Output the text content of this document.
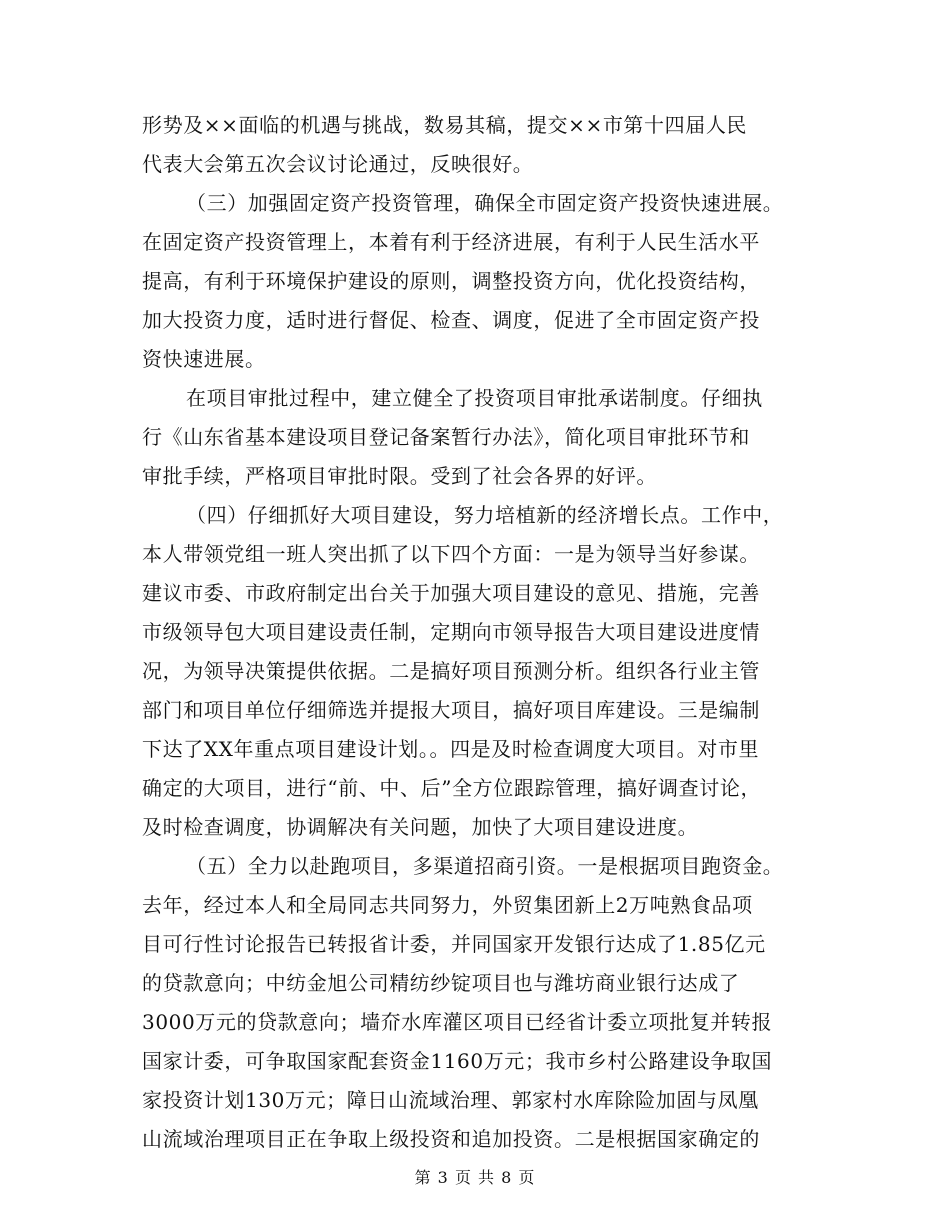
形势及××面临的机遇与挑战，数易其稿，提交××市第十四届人民
代表大会第五次会议讨论通过，反映很好。
（三）加强固定资产投资管理，确保全市固定资产投资快速进展。
在固定资产投资管理上，本着有利于经济进展，有利于人民生活水平
提高，有利于环境保护建设的原则，调整投资方向，优化投资结构，
加大投资力度，适时进行督促、检查、调度，促进了全市固定资产投
资快速进展。
在项目审批过程中，建立健全了投资项目审批承诺制度。仔细执
行《山东省基本建设项目登记备案暂行办法》，简化项目审批环节和
审批手续，严格项目审批时限。受到了社会各界的好评。
（四）仔细抓好大项目建设，努力培植新的经济增长点。工作中，
本人带领党组一班人突出抓了以下四个方面：一是为领导当好参谋。
建议市委、市政府制定出台关于加强大项目建设的意见、措施，完善
市级领导包大项目建设责任制，定期向市领导报告大项目建设进度情
况，为领导决策提供依据。二是搞好项目预测分析。组织各行业主管
部门和项目单位仔细筛选并提报大项目，搞好项目库建设。三是编制
下达了XX年重点项目建设计划。。四是及时检查调度大项目。对市里
确定的大项目，进行“前、中、后”全方位跟踪管理，搞好调查讨论，
及时检查调度，协调解决有关问题，加快了大项目建设进度。
（五）全力以赴跑项目，多渠道招商引资。一是根据项目跑资金。
去年，经过本人和全局同志共同努力，外贸集团新上2万吨熟食品项
目可行性讨论报告已转报省计委，并同国家开发银行达成了1.85亿元
的贷款意向；中纺金旭公司精纺纱锭项目也与潍坊商业银行达成了
3000万元的贷款意向；墙夼水库灌区项目已经省计委立项批复并转报
国家计委，可争取国家配套资金1160万元；我市乡村公路建设争取国
家投资计划130万元；障日山流域治理、郭家村水库除险加固与凤凰
山流域治理项目正在争取上级投资和追加投资。二是根据国家确定的
第 3 页 共 8 页
